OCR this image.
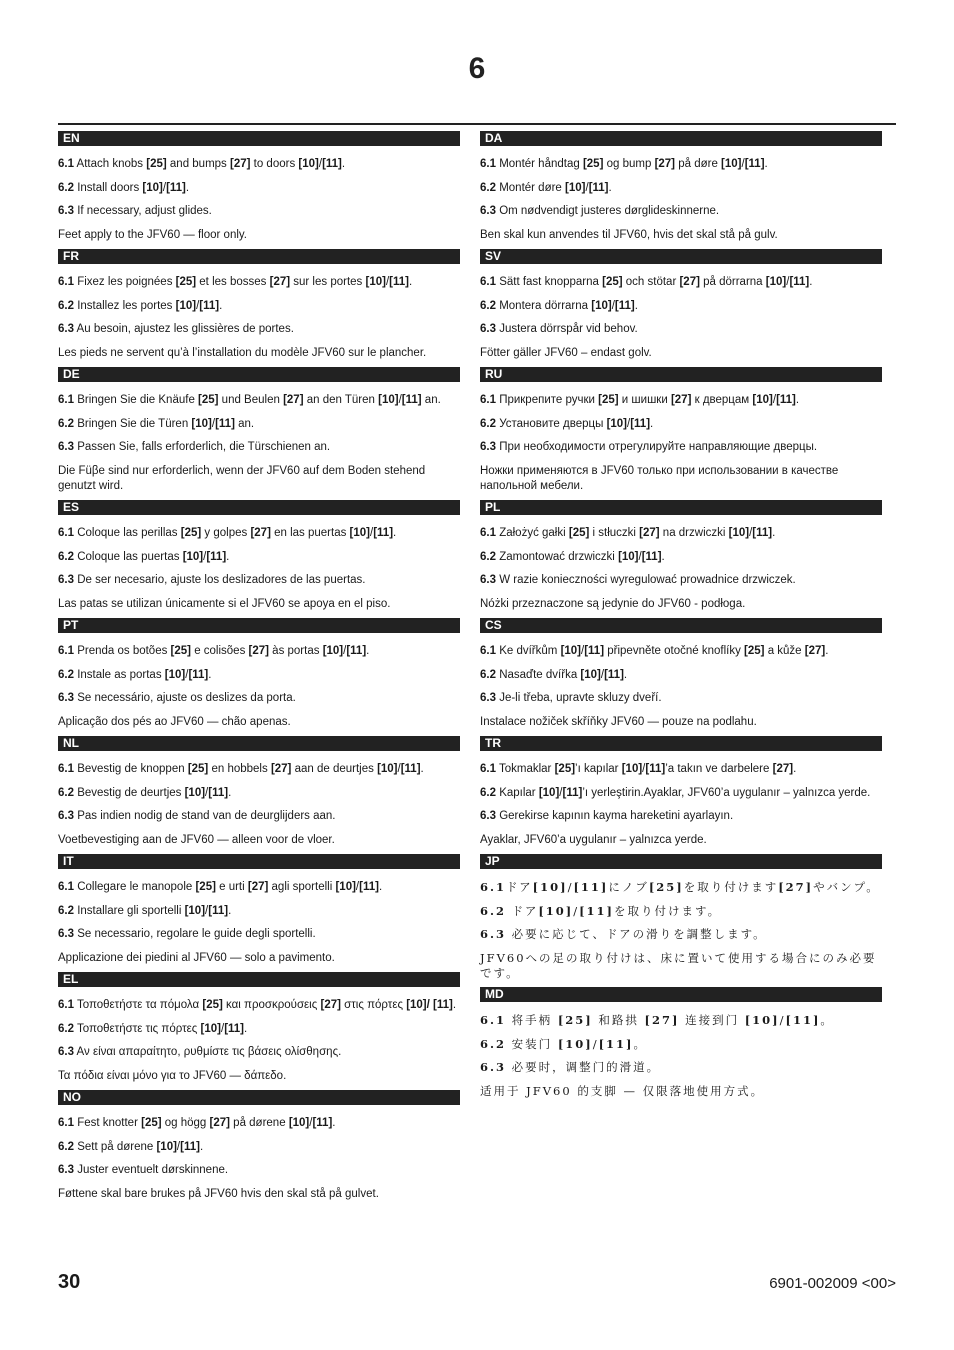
6
EN

6.1 Attach knobs [25] and bumps [27] to doors [10]/[11].

6.2 Install doors [10]/[11].

6.3 If necessary, adjust glides.

Feet apply to the JFV60 — floor only.

FR

6.1 Fixez les poignées [25] et les bosses [27] sur les portes [10]/[11].

6.2 Installez les portes [10]/[11].

6.3 Au besoin, ajustez les glissières de portes.

Les pieds ne servent qu’à l’installation du modèle JFV60 sur le plancher.

DE

6.1 Bringen Sie die Knäufe [25] und Beulen [27] an den Türen [10]/[11] an.

6.2 Bringen Sie die Türen [10]/[11] an.

6.3 Passen Sie, falls erforderlich, die Türschienen an.

Die Füβe sind nur erforderlich, wenn der JFV60 auf dem Boden stehend genutzt wird.

ES

6.1 Coloque las perillas [25] y golpes [27] en las puertas [10]/[11].

6.2 Coloque las puertas [10]/[11].

6.3 De ser necesario, ajuste los deslizadores de las puertas.

Las patas se utilizan únicamente si el JFV60 se apoya en el piso.

PT

6.1 Prenda os botões [25] e colisões [27] às portas [10]/[11].

6.2 Instale as portas [10]/[11].

6.3 Se necessário, ajuste os deslizes da porta.

Aplicação dos pés ao JFV60 — chão apenas.

NL

6.1 Bevestig de knoppen [25] en hobbels [27] aan de deurtjes [10]/[11].

6.2 Bevestig de deurtjes [10]/[11].

6.3 Pas indien nodig de stand van de deurglijders aan.

Voetbevestiging aan de JFV60 — alleen voor de vloer.

IT

6.1 Collegare le manopole [25] e urti [27] agli sportelli [10]/[11].

6.2 Installare gli sportelli [10]/[11].

6.3 Se necessario, regolare le guide degli sportelli.

Applicazione dei piedini al JFV60 — solo a pavimento.

EL

6.1 Τοποθετήστε τα πόμολα [25] και προσκρούσεις [27] στις πόρτες [10]/ [11].

6.2 Τοποθετήστε τις πόρτες [10]/[11].

6.3 Αν είναι απαραίτητο, ρυθμίστε τις βάσεις ολίσθησης.

Τα πόδια είναι μόνο για το JFV60 — δάπεδο.

NO

6.1 Fest knotter [25] og högg [27] på dørene [10]/[11].

6.2 Sett på dørene [10]/[11].

6.3 Juster eventuelt dørskinnene.

Føttene skal bare brukes på JFV60 hvis den skal stå på gulvet.

DA

6.1 Montér håndtag [25] og bump [27] på døre [10]/[11].

6.2 Montér døre [10]/[11].

6.3 Om nødvendigt justeres dørglideskinnerne.

Ben skal kun anvendes til JFV60, hvis det skal stå på gulv.

SV

6.1 Sätt fast knopparna [25] och stötar [27] på dörrarna [10]/[11].

6.2 Montera dörrarna [10]/[11].

6.3 Justera dörrspår vid behov.

Fötter gäller JFV60 – endast golv.

RU

6.1 Прикрепите ручки [25] и шишки [27] к дверцам [10]/[11].

6.2 Установите дверцы [10]/[11].

6.3 При необходимости отрегулируйте направляющие дверцы.

Ножки применяются в JFV60 только при использовании в качестве напольной мебели.

PL

6.1 Założyć gałki [25] i stłuczki [27] na drzwiczki [10]/[11].

6.2 Zamontować drzwiczki [10]/[11].

6.3 W razie konieczności wyregulować prowadnice drzwiczek.

Nóżki przeznaczone są jedynie do JFV60 - podłoga.

CS

6.1 Ke dvířkům [10]/[11] připevněte otočné knoflíky [25] a kůže [27].

6.2 Nasaďte dvířka [10]/[11].

6.3 Je-li třeba, upravte skluzy dveří.

Instalace nožiček skříňky JFV60 — pouze na podlahu.

TR

6.1 Tokmaklar [25]’ı kapılar [10]/[11]’a takın ve darbelere [27].

6.2 Kapılar [10]/[11]’ı yerleştirin.Ayaklar, JFV60’a uygulanır – yalnızca yerde.

6.3 Gerekirse kapının kayma hareketini ayarlayın.

Ayaklar, JFV60’a uygulanır – yalnızca yerde.

JP

6.1ドア[10]/[11]にノブ[25]を取り付けます[27]やバンプ。

6.2 ドア[10]/[11]を取り付けます。

6.3 必要に応じて、ドアの滑りを調整します。

JFV60への足の取り付けは、床に置いて使用する場合にのみ必要です。

MD

6.1 将手柄 [25] 和路拱 [27] 连接到门 [10]/[11]。

6.2 安装门 [10]/[11]。

6.3 必要时，调整门的滑道。

适用于 JFV60 的支脚 — 仅限落地使用方式。

30	6901-002009 <00>
